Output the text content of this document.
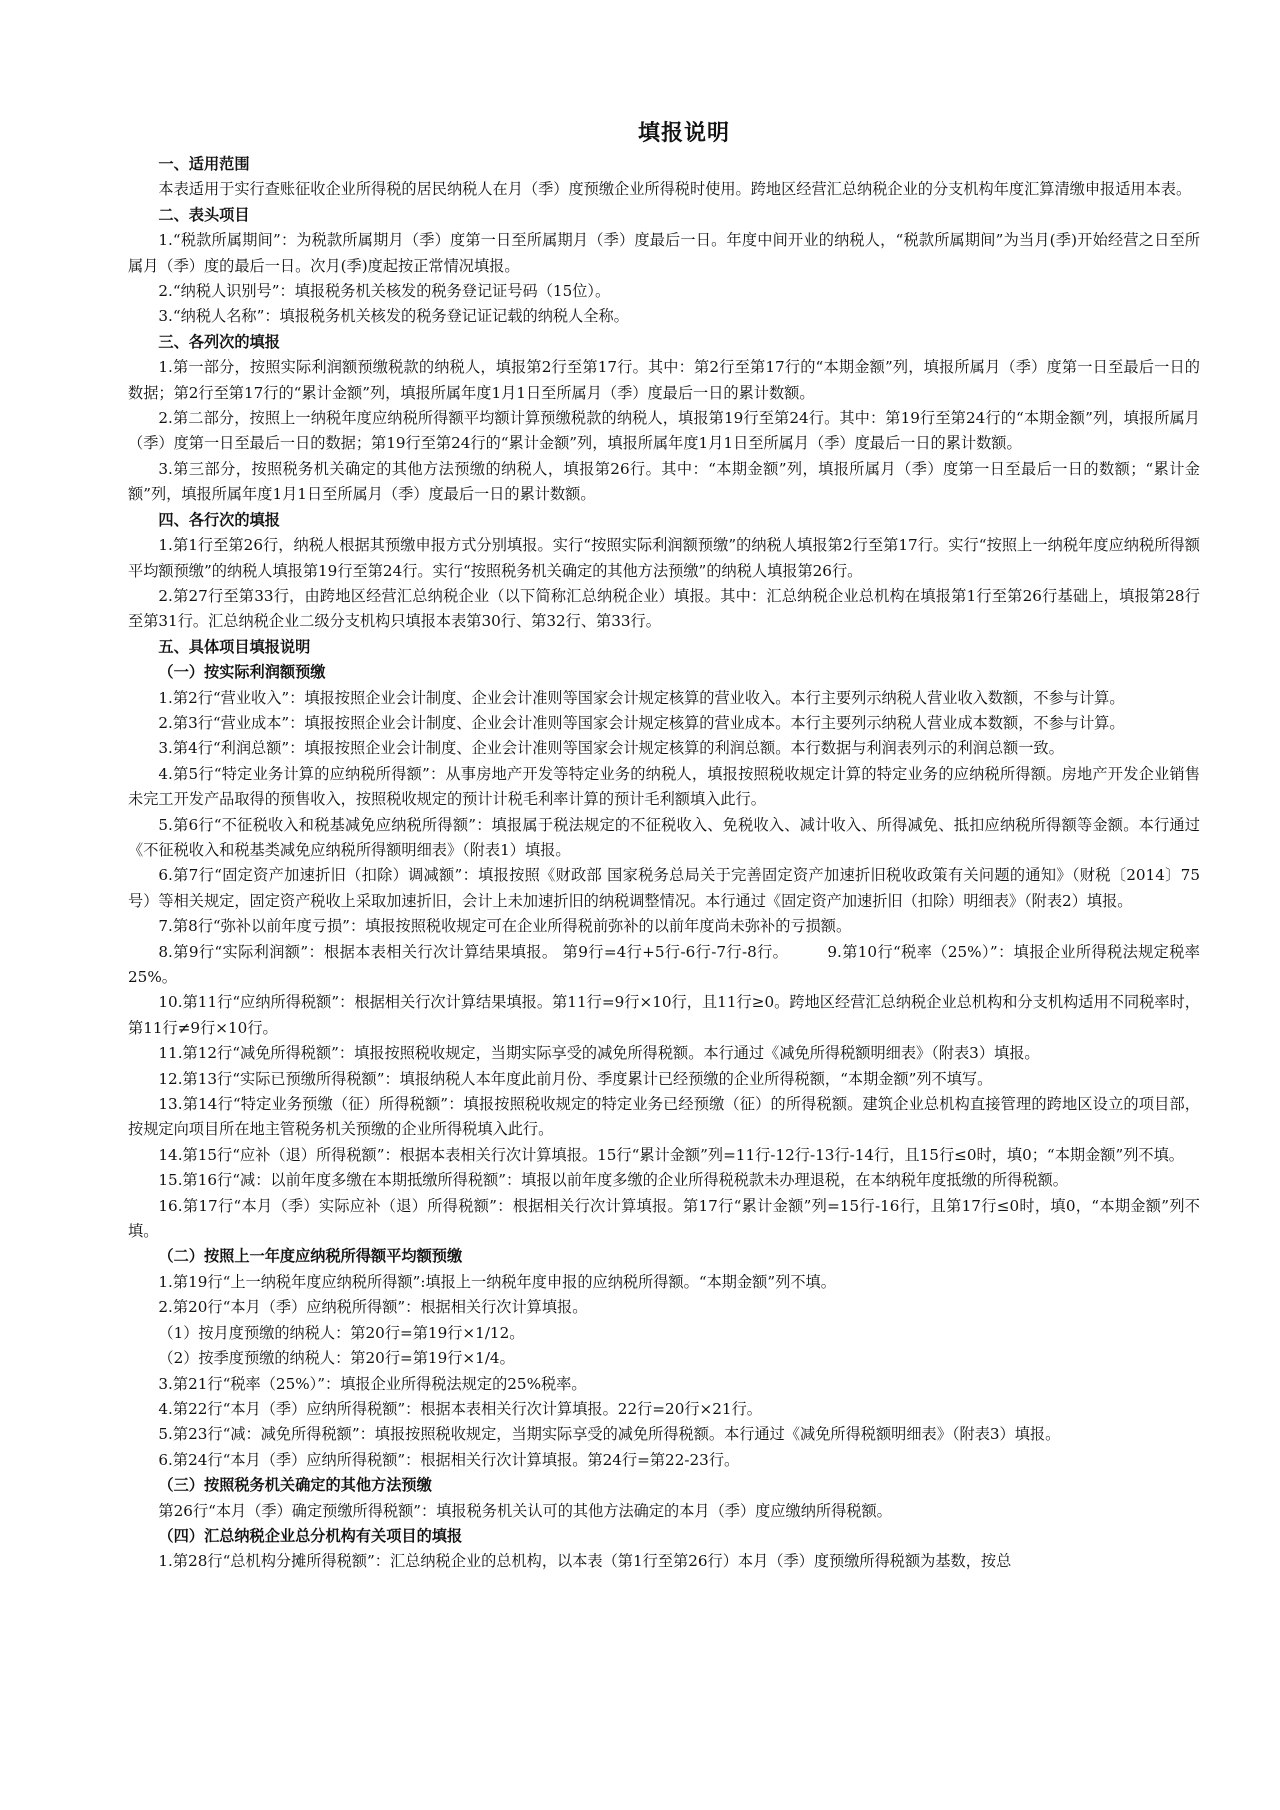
填报说明
一、适用范围
本表适用于实行查账征收企业所得税的居民纳税人在月（季）度预缴企业所得税时使用。跨地区经营汇总纳税企业的分支机构年度汇算清缴申报适用本表。
二、表头项目
1.“税款所属期间”：为税款所属期月（季）度第一日至所属期月（季）度最后一日。年度中间开业的纳税人，“税款所属期间”为当月(季)开始经营之日至所属月（季）度的最后一日。次月(季)度起按正常情况填报。
2.“纳税人识别号”：填报税务机关核发的税务登记证号码（15位）。
3.“纳税人名称”：填报税务机关核发的税务登记证记载的纳税人全称。
三、各列次的填报
1.第一部分，按照实际利润额预缴税款的纳税人，填报第2行至第17行。其中：第2行至第17行的“本期金额”列，填报所属月（季）度第一日至最后一日的数据；第2行至第17行的“累计金额”列，填报所属年度1月1日至所属月（季）度最后一日的累计数额。
2.第二部分，按照上一纳税年度应纳税所得额平均额计算预缴税款的纳税人，填报第19行至第24行。其中：第19行至第24行的“本期金额”列，填报所属月（季）度第一日至最后一日的数据；第19行至第24行的“累计金额”列，填报所属年度1月1日至所属月（季）度最后一日的累计数额。
3.第三部分，按照税务机关确定的其他方法预缴的纳税人，填报第26行。其中：“本期金额”列，填报所属月（季）度第一日至最后一日的数额；“累计金额”列，填报所属年度1月1日至所属月（季）度最后一日的累计数额。
四、各行次的填报
1.第1行至第26行，纳税人根据其预缴申报方式分别填报。实行“按照实际利润额预缴”的纳税人填报第2行至第17行。实行“按照上一纳税年度应纳税所得额平均额预缴”的纳税人填报第19行至第24行。实行“按照税务机关确定的其他方法预缴”的纳税人填报第26行。
2.第27行至第33行，由跨地区经营汇总纳税企业（以下简称汇总纳税企业）填报。其中：汇总纳税企业总机构在填报第1行至第26行基础上，填报第28行至第31行。汇总纳税企业二级分支机构只填报本表第30行、第32行、第33行。
五、具体项目填报说明
（一）按实际利润额预缴
1.第2行“营业收入”：填报按照企业会计制度、企业会计准则等国家会计规定核算的营业收入。本行主要列示纳税人营业收入数额，不参与计算。
2.第3行“营业成本”：填报按照企业会计制度、企业会计准则等国家会计规定核算的营业成本。本行主要列示纳税人营业成本数额，不参与计算。
3.第4行“利润总额”：填报按照企业会计制度、企业会计准则等国家会计规定核算的利润总额。本行数据与利润表列示的利润总额一致。
4.第5行“特定业务计算的应纳税所得额”：从事房地产开发等特定业务的纳税人，填报按照税收规定计算的特定业务的应纳税所得额。房地产开发企业销售未完工开发产品取得的预售收入，按照税收规定的预计计税毛利率计算的预计毛利额填入此行。
5.第6行“不征税收入和税基减免应纳税所得额”：填报属于税法规定的不征税收入、免税收入、减计收入、所得减免、抵扣应纳税所得额等金额。本行通过《不征税收入和税基类减免应纳税所得额明细表》（附表1）填报。
6.第7行“固定资产加速折旧（扣除）调减额”：填报按照《财政部 国家税务总局关于完善固定资产加速折旧税收政策有关问题的通知》（财税〔2014〕75号）等相关规定，固定资产税收上采取加速折旧，会计上未加速折旧的纳税调整情况。本行通过《固定资产加速折旧（扣除）明细表》（附表2）填报。
7.第8行“弥补以前年度亏损”：填报按照税收规定可在企业所得税前弥补的以前年度尚未弥补的亏损额。
8.第9行“实际利润额”：根据本表相关行次计算结果填报。 第9行=4行+5行-6行-7行-8行。　　　9.第10行“税率（25%）”：填报企业所得税法规定税率25%。
10.第11行“应纳所得税额”：根据相关行次计算结果填报。第11行=9行×10行，且11行≥0。跨地区经营汇总纳税企业总机构和分支机构适用不同税率时，第11行≠9行×10行。
11.第12行“减免所得税额”：填报按照税收规定，当期实际享受的减免所得税额。本行通过《减免所得税额明细表》（附表3）填报。
12.第13行“实际已预缴所得税额”：填报纳税人本年度此前月份、季度累计已经预缴的企业所得税额，“本期金额”列不填写。
13.第14行“特定业务预缴（征）所得税额”：填报按照税收规定的特定业务已经预缴（征）的所得税额。建筑企业总机构直接管理的跨地区设立的项目部，按规定向项目所在地主管税务机关预缴的企业所得税填入此行。
14.第15行“应补（退）所得税额”：根据本表相关行次计算填报。15行“累计金额”列=11行-12行-13行-14行，且15行≤0时，填0；“本期金额”列不填。
15.第16行“减：以前年度多缴在本期抵缴所得税额”：填报以前年度多缴的企业所得税税款未办理退税，在本纳税年度抵缴的所得税额。
16.第17行“本月（季）实际应补（退）所得税额”：根据相关行次计算填报。第17行“累计金额”列=15行-16行，且第17行≤0时，填0，“本期金额”列不填。
（二）按照上一年度应纳税所得额平均额预缴
1.第19行“上一纳税年度应纳税所得额”:填报上一纳税年度申报的应纳税所得额。“本期金额”列不填。
2.第20行“本月（季）应纳税所得额”：根据相关行次计算填报。
（1）按月度预缴的纳税人：第20行=第19行×1/12。
（2）按季度预缴的纳税人：第20行=第19行×1/4。
3.第21行“税率（25%）”：填报企业所得税法规定的25%税率。
4.第22行“本月（季）应纳所得税额”：根据本表相关行次计算填报。22行=20行×21行。
5.第23行“减：减免所得税额”：填报按照税收规定，当期实际享受的减免所得税额。本行通过《减免所得税额明细表》（附表3）填报。
6.第24行“本月（季）应纳所得税额”：根据相关行次计算填报。第24行=第22-23行。
（三）按照税务机关确定的其他方法预缴
第26行“本月（季）确定预缴所得税额”：填报税务机关认可的其他方法确定的本月（季）度应缴纳所得税额。
（四）汇总纳税企业总分机构有关项目的填报
1.第28行“总机构分摊所得税额”：汇总纳税企业的总机构，以本表（第1行至第26行）本月（季）度预缴所得税额为基数，按总
